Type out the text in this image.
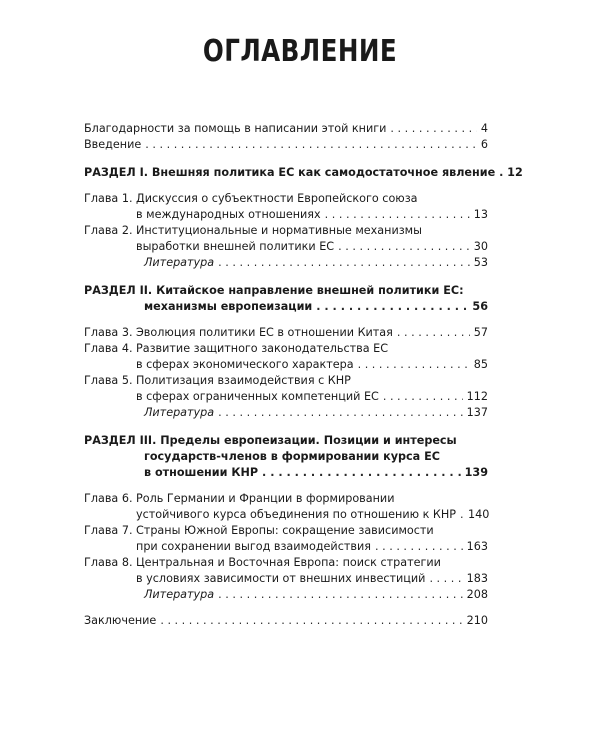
ОГЛАВЛЕНИЕ
Благодарности за помощь в написании этой книги . . .	4
Введение . . .	6
РАЗДЕЛ I. Внешняя политика ЕС как самодостаточное явление . . . 12
Глава 1. Дискуссия о субъектности Европейского союза
в международных отношениях . . .	13
Глава 2. Институциональные и нормативные механизмы
выработки внешней политики ЕС . . .	30
Литература . . .	53
РАЗДЕЛ II. Китайское направление внешней политики ЕС:
механизмы европеизации . . .	56
Глава 3. Эволюция политики ЕС в отношении Китая . . .	57
Глава 4. Развитие защитного законодательства ЕС
в сферах экономического характера . . .	85
Глава 5. Политизация взаимодействия с КНР
в сферах ограниченных компетенций ЕС . . .	112
Литература . . .	137
РАЗДЕЛ III. Пределы европеизации. Позиции и интересы
государств-членов в формировании курса ЕС
в отношении КНР . . .	139
Глава 6. Роль Германии и Франции в формировании
устойчивого курса объединения по отношению к КНР . . . 140
Глава 7. Страны Южной Европы: сокращение зависимости
при сохранении выгод взаимодействия . . .	163
Глава 8. Центральная и Восточная Европа: поиск стратегии
в условиях зависимости от внешних инвестиций . . .	183
Литература . . .	208
Заключение . . .	210
